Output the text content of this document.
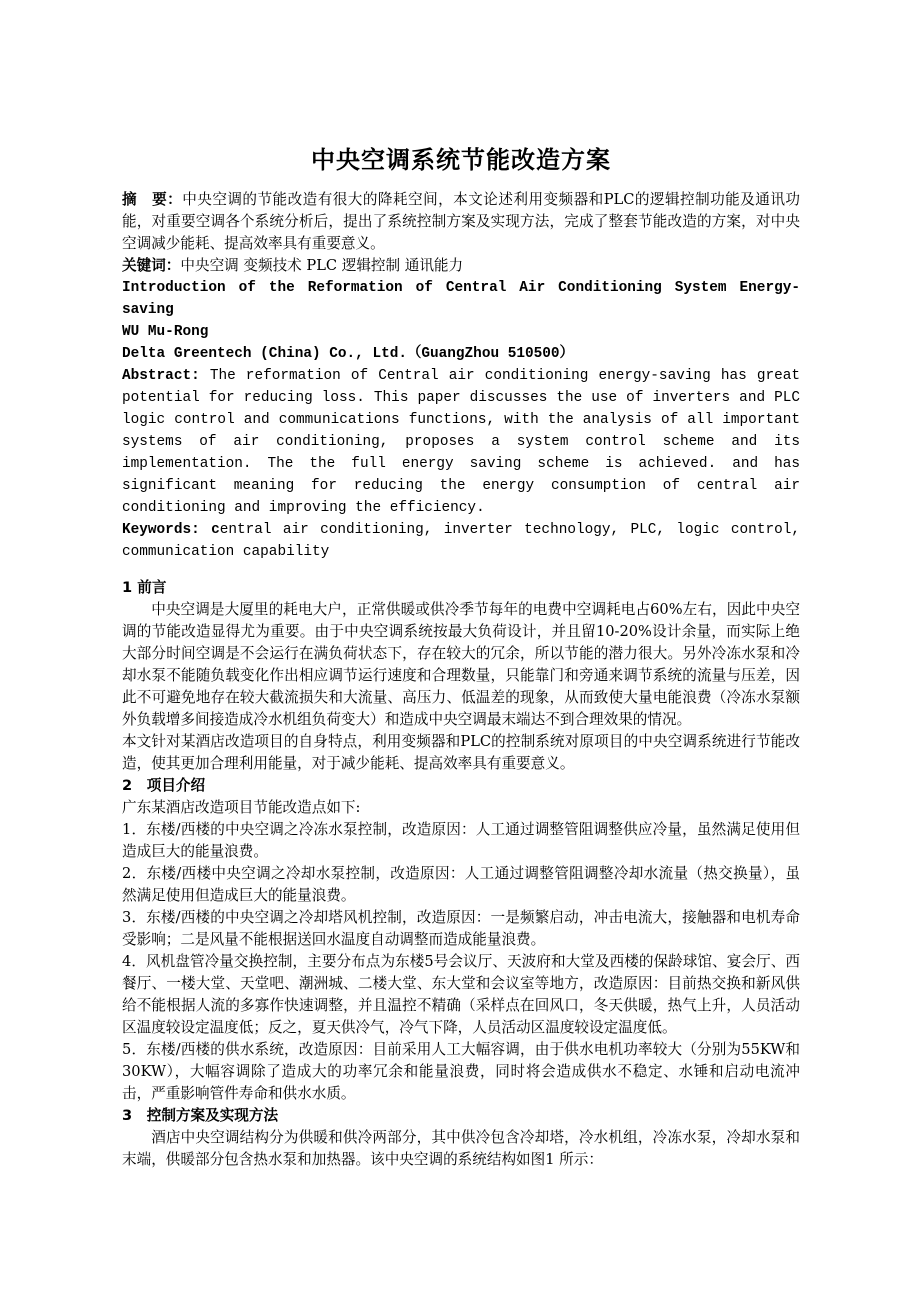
中央空调系统节能改造方案

摘　要：中央空调的节能改造有很大的降耗空间，本文论述利用变频器和PLC的逻辑控制功能及通讯功能，对重要空调各个系统分析后，提出了系统控制方案及实现方法，完成了整套节能改造的方案，对中央空调减少能耗、提高效率具有重要意义。

关键词：中央空调 变频技术 PLC 逻辑控制 通讯能力

Introduction of the Reformation of Central Air Conditioning System Energy-saving

WU Mu-Rong

Delta Greentech (China) Co., Ltd.（GuangZhou 510500）

Abstract: The reformation of Central air conditioning energy-saving has great potential for reducing loss. This paper discusses the use of inverters and PLC logic control and communications functions, with the analysis of all important systems of air conditioning, proposes a system control scheme and its implementation. The the full energy saving scheme is achieved. and has significant meaning for reducing the energy consumption of central air conditioning and improving the efficiency.

Keywords: central air conditioning, inverter technology, PLC, logic control, communication capability

1 前言

中央空调是大厦里的耗电大户，正常供暖或供冷季节每年的电费中空调耗电占60%左右，因此中央空调的节能改造显得尤为重要。由于中央空调系统按最大负荷设计，并且留10-20%设计余量，而实际上绝大部分时间空调是不会运行在满负荷状态下，存在较大的冗余，所以节能的潜力很大。另外冷冻水泵和冷却水泵不能随负载变化作出相应调节运行速度和合理数量，只能靠门和旁通来调节系统的流量与压差，因此不可避免地存在较大截流损失和大流量、高压力、低温差的现象，从而致使大量电能浪费（冷冻水泵额外负载增多间接造成冷水机组负荷变大）和造成中央空调最末端达不到合理效果的情况。

本文针对某酒店改造项目的自身特点，利用变频器和PLC的控制系统对原项目的中央空调系统进行节能改造，使其更加合理利用能量，对于减少能耗、提高效率具有重要意义。

2　项目介绍

广东某酒店改造项目节能改造点如下:

1．东楼/西楼的中央空调之冷冻水泵控制，改造原因：人工通过调整管阻调整供应冷量，虽然满足使用但造成巨大的能量浪费。

2．东楼/西楼中央空调之冷却水泵控制，改造原因：人工通过调整管阻调整冷却水流量（热交换量），虽然满足使用但造成巨大的能量浪费。

3．东楼/西楼的中央空调之冷却塔风机控制，改造原因：一是频繁启动，冲击电流大，接触器和电机寿命受影响；二是风量不能根据送回水温度自动调整而造成能量浪费。

4．风机盘管冷量交换控制，主要分布点为东楼5号会议厅、天波府和大堂及西楼的保龄球馆、宴会厅、西餐厅、一楼大堂、天堂吧、潮洲城、二楼大堂、东大堂和会议室等地方，改造原因：目前热交换和新风供给不能根据人流的多寡作快速调整，并且温控不精确（采样点在回风口，冬天供暖，热气上升，人员活动区温度较设定温度低；反之，夏天供冷气，冷气下降，人员活动区温度较设定温度低。

5．东楼/西楼的供水系统，改造原因：目前采用人工大幅容调，由于供水电机功率较大（分别为55KW和30KW），大幅容调除了造成大的功率冗余和能量浪费，同时将会造成供水不稳定、水锤和启动电流冲击，严重影响管件寿命和供水水质。

3　控制方案及实现方法

酒店中央空调结构分为供暖和供冷两部分，其中供冷包含冷却塔，冷水机组，冷冻水泵，冷却水泵和末端，供暖部分包含热水泵和加热器。该中央空调的系统结构如图1 所示：
